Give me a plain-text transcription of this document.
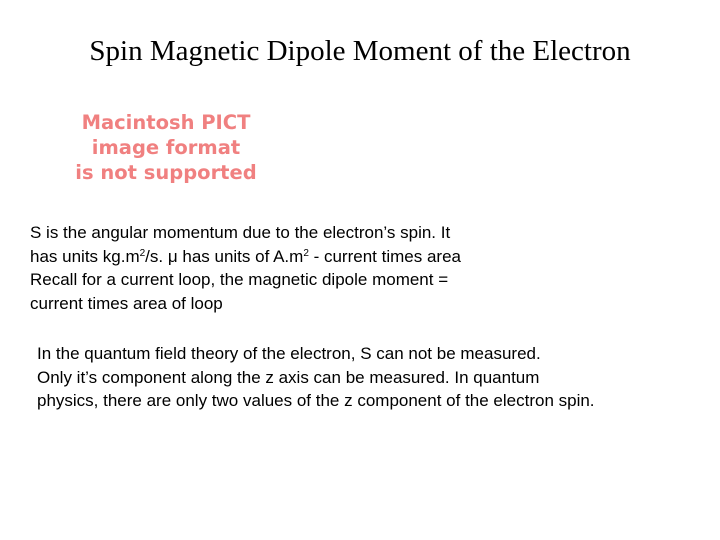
Spin Magnetic Dipole Moment of the Electron
Macintosh PICT
image format
is not supported
S is the angular momentum due to the electron’s spin. It
has units $kg.m^2/s$. μ has units of $A.m^2$ - current times area
Recall for a current loop, the magnetic dipole moment =
current times area of loop
In the quantum field theory of the electron, S can not be measured.
Only it’s component along the z axis can be measured. In quantum
physics, there are only two values of the z component of the electron spin.
